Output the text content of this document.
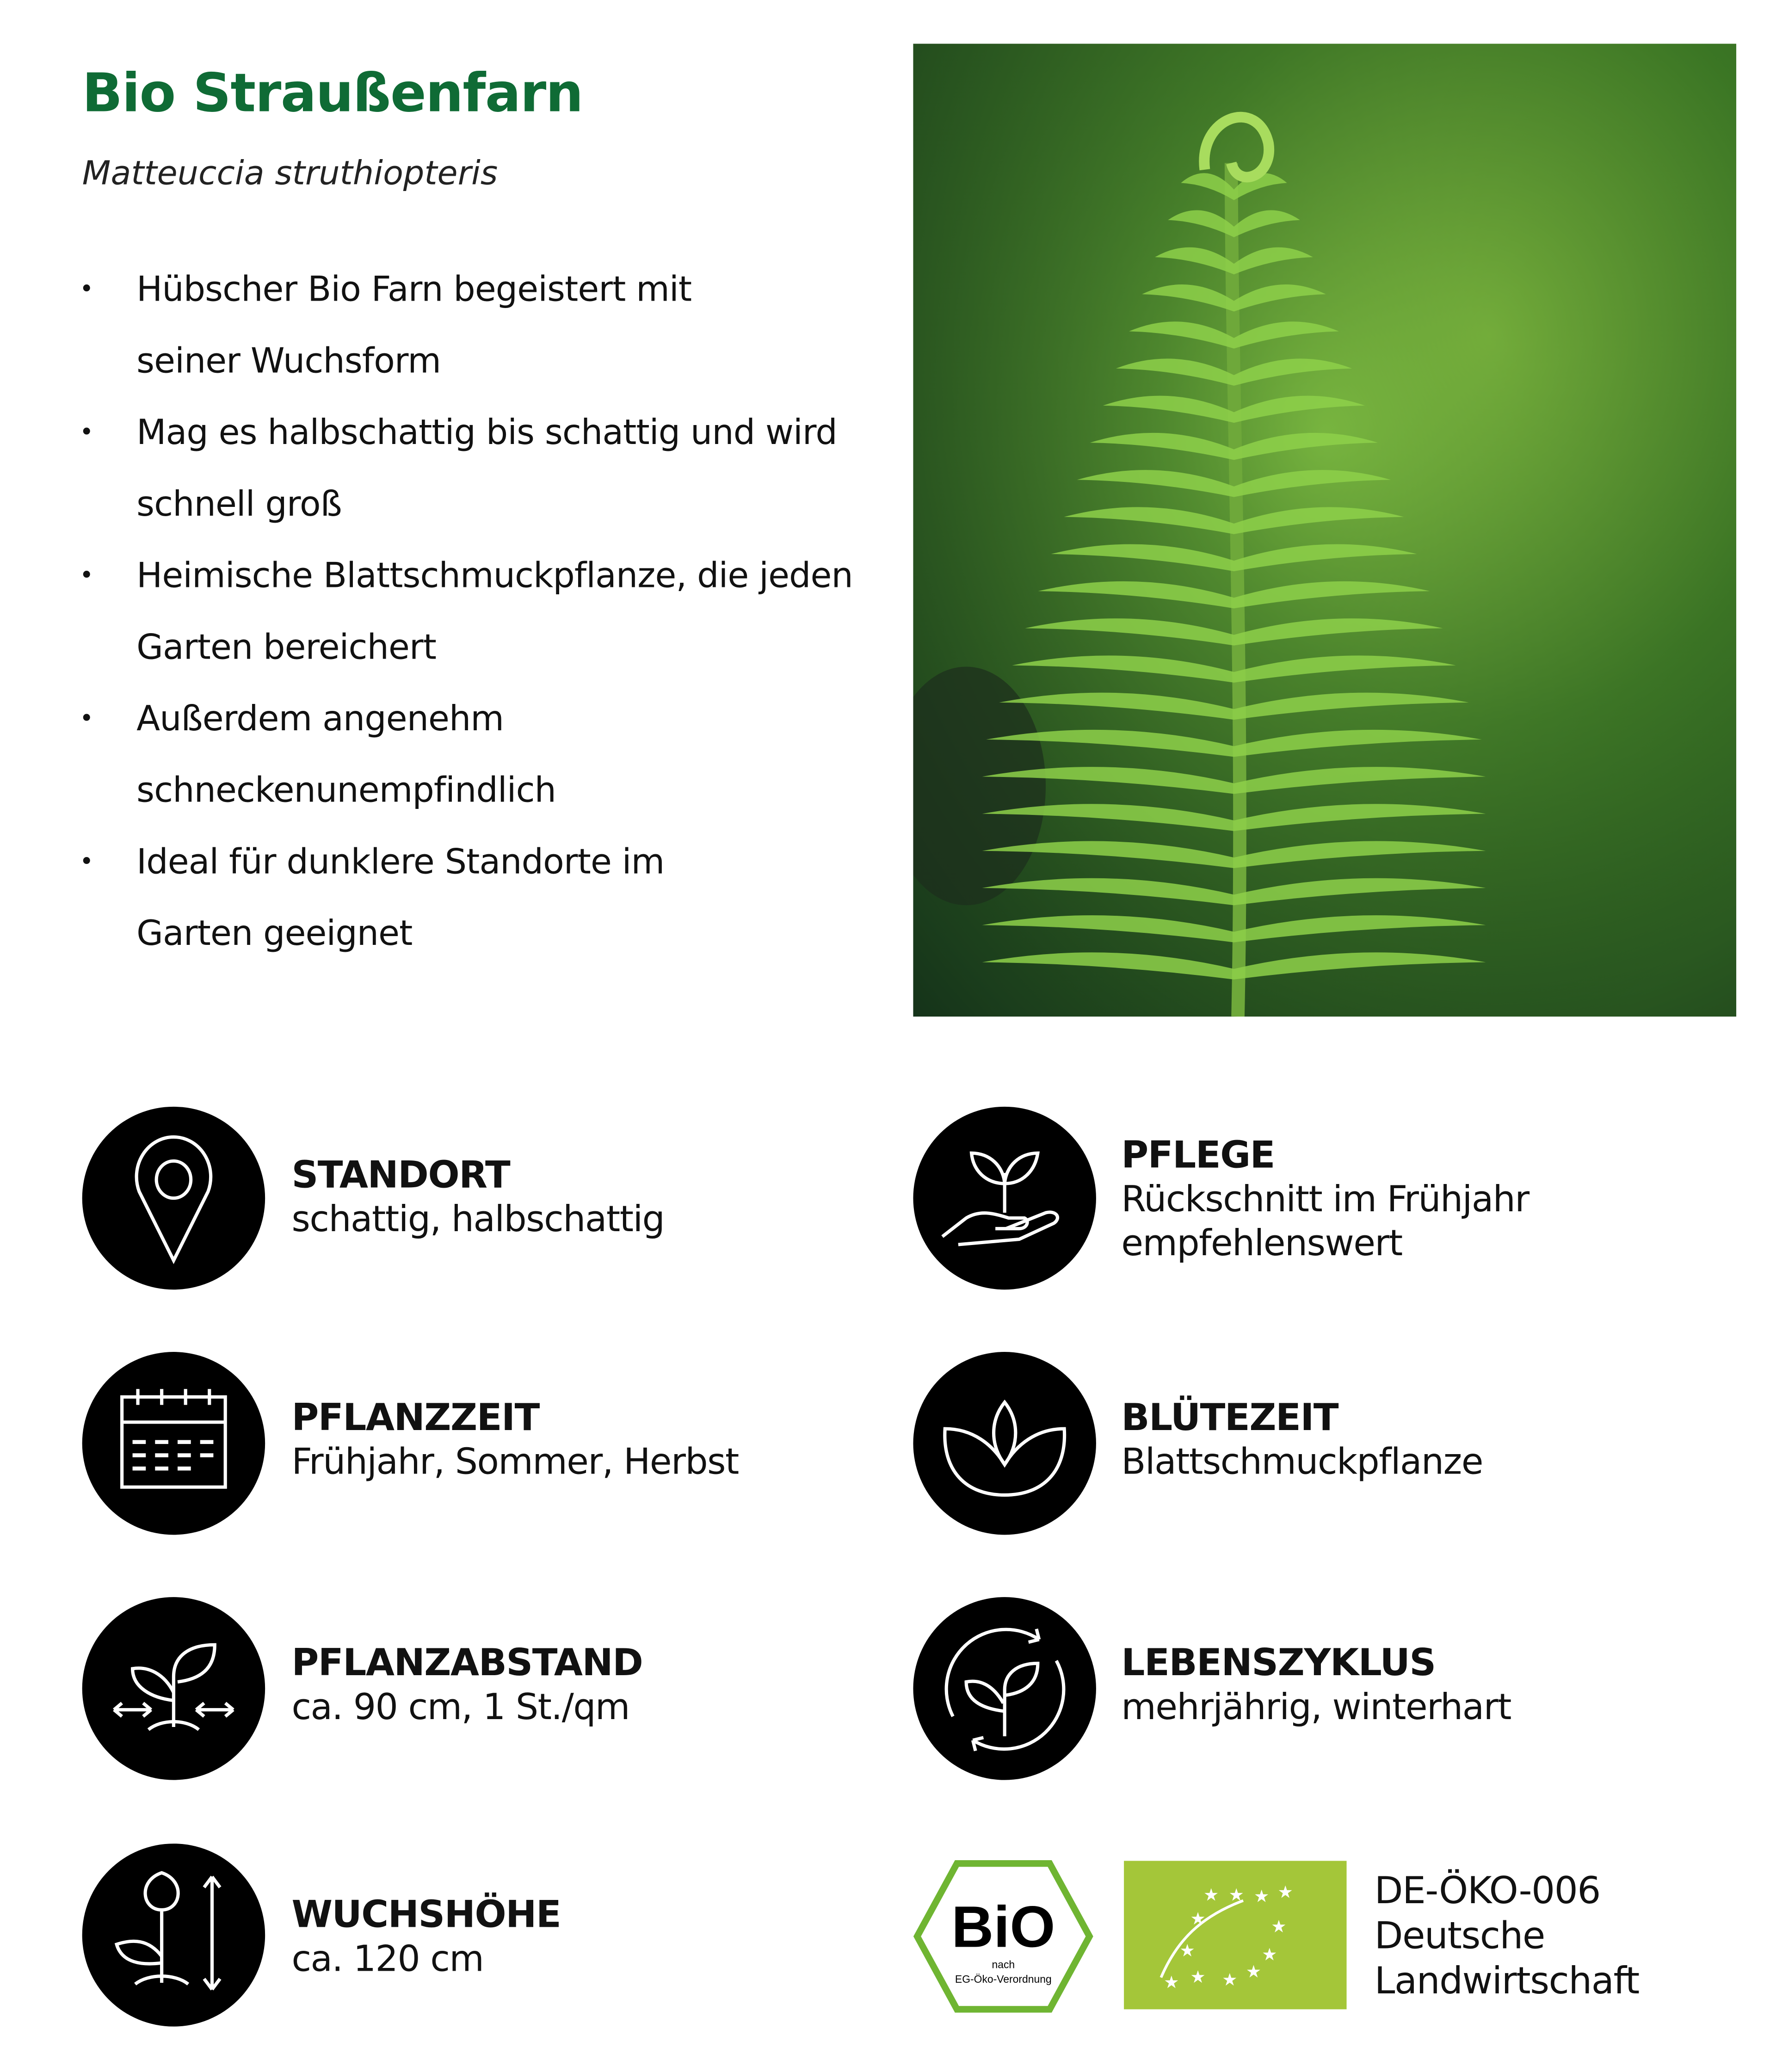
Bio Straußenfarn
Matteuccia struthiopteris
• Hübscher Bio Farn begeistert mit seiner Wuchsform
• Mag es halbschattig bis schattig und wird schnell groß
• Heimische Blattschmuckpflanze, die jeden Garten bereichert
• Außerdem angenehm schneckenunempfindlich
• Ideal für dunklere Standorte im Garten geeignet
STANDORT
schattig, halbschattig
PFLEGE
Rückschnitt im Frühjahr empfehlenswert
PFLANZZEIT
Frühjahr, Sommer, Herbst
BLÜTEZEIT
Blattschmuckpflanze
PFLANZABSTAND
ca. 90 cm, 1 St./qm
LEBENSZYKLUS
mehrjährig, winterhart
WUCHSHÖHE
ca. 120 cm
BiO
nach
EG-Öko-Verordnung
★ ★ ★ ★
★	★
★	★
★	★ ★
★
DE-ÖKO-006
Deutsche
Landwirtschaft
